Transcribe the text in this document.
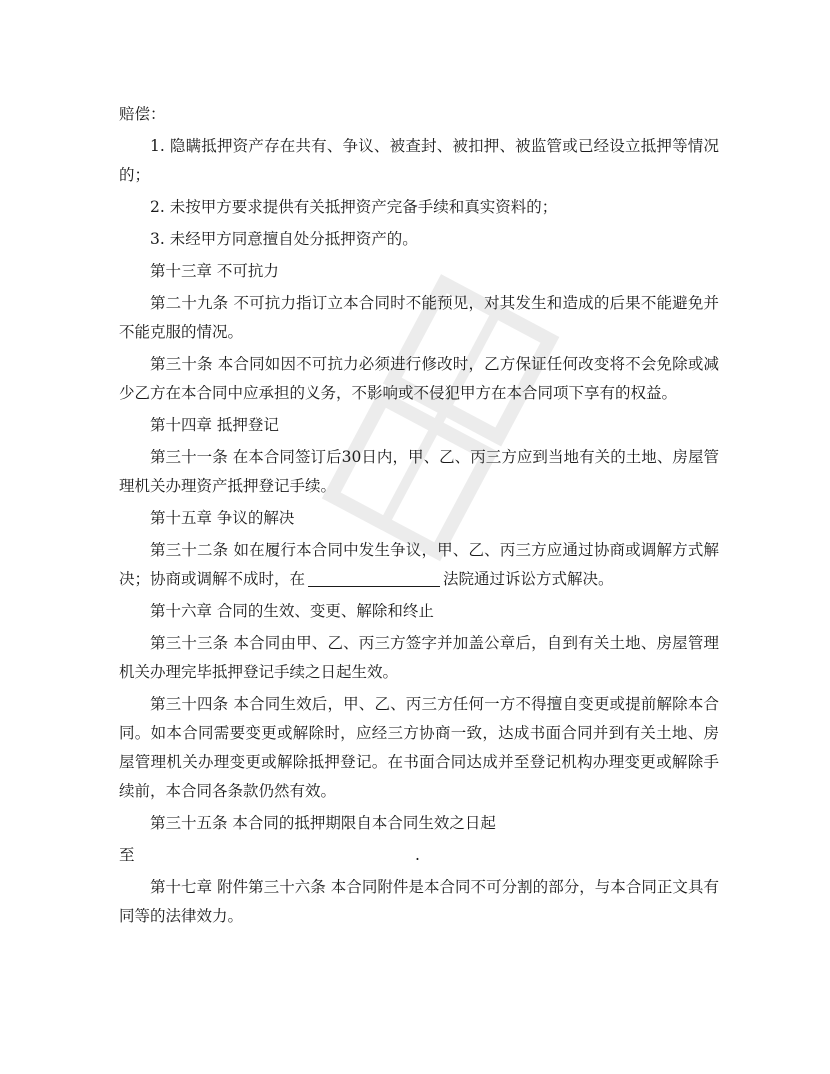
赔偿：

1. 隐瞒抵押资产存在共有、争议、被查封、被扣押、被监管或已经设立抵押等情况的；

2. 未按甲方要求提供有关抵押资产完备手续和真实资料的；

3. 未经甲方同意擅自处分抵押资产的。

第十三章 不可抗力

第二十九条 不可抗力指订立本合同时不能预见，对其发生和造成的后果不能避免并不能克服的情况。

第三十条 本合同如因不可抗力必须进行修改时，乙方保证任何改变将不会免除或减少乙方在本合同中应承担的义务，不影响或不侵犯甲方在本合同项下享有的权益。

第十四章 抵押登记

第三十一条 在本合同签订后30日内，甲、乙、丙三方应到当地有关的土地、房屋管理机关办理资产抵押登记手续。

第十五章 争议的解决

第三十二条 如在履行本合同中发生争议，甲、乙、丙三方应通过协商或调解方式解决；协商或调解不成时，在	法院通过诉讼方式解决。

第十六章 合同的生效、变更、解除和终止

第三十三条 本合同由甲、乙、丙三方签字并加盖公章后，自到有关土地、房屋管理机关办理完毕抵押登记手续之日起生效。

第三十四条 本合同生效后，甲、乙、丙三方任何一方不得擅自变更或提前解除本合同。如本合同需要变更或解除时，应经三方协商一致，达成书面合同并到有关土地、房屋管理机关办理变更或解除抵押登记。在书面合同达成并至登记机构办理变更或解除手续前，本合同各条款仍然有效。

第三十五条 本合同的抵押期限自本合同生效之日起

至	.

第十七章 附件第三十六条 本合同附件是本合同不可分割的部分，与本合同正文具有同等的法律效力。
